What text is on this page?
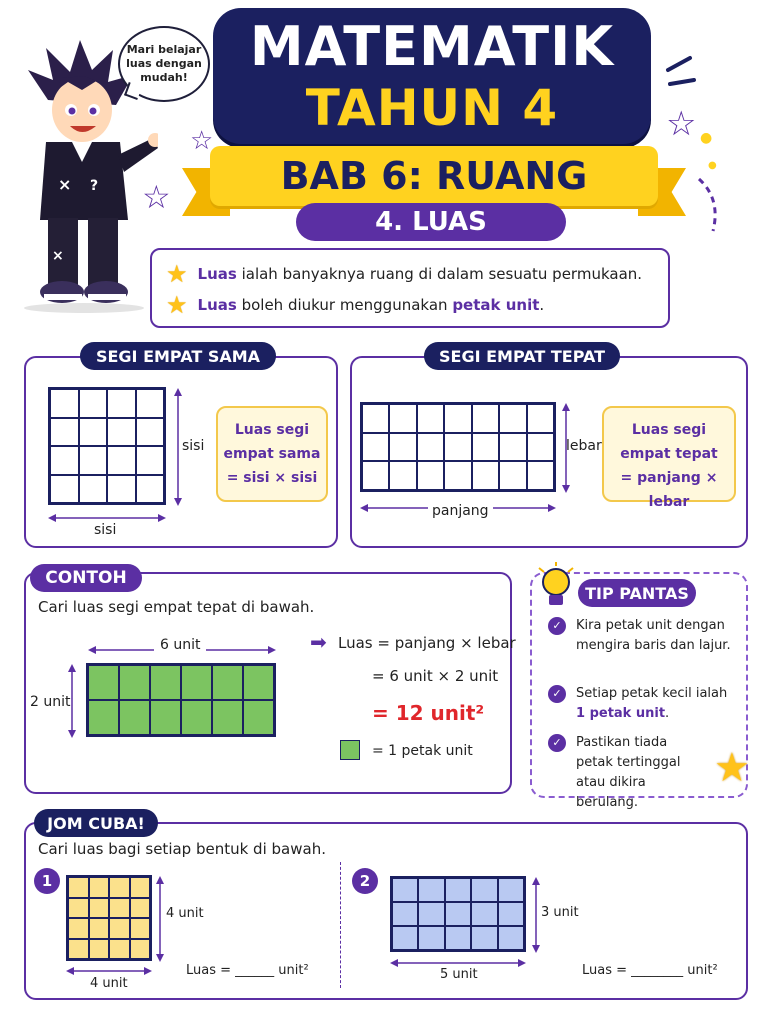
× ?
×
Mari belajar luas dengan mudah!	MATEMATIK
TAHUN 4
BAB 6: RUANG
4. LUAS
☆
☆
☆ ●
●
★ Luas ialah banyaknya ruang di dalam sesuatu permukaan.
★ Luas boleh diukur menggunakan petak unit .
SEGI EMPAT SAMA
sisi
sisi
Luas segi
empat sama
= sisi × sisi
SEGI EMPAT TEPAT
lebar
panjang
Luas segi
empat tepat
= panjang × lebar
CONTOH
Cari luas segi empat tepat di bawah.
6 unit
2 unit
➡ Luas = panjang × lebar
= 6 unit × 2 unit
= 12 unit²
= 1 petak unit
TIP PANTAS
✓	Kira petak unit dengan mengira baris dan lajur.
✓	Setiap petak kecil ialah 1 petak unit.
✓	Pastikan tiada petak tertinggal atau dikira berulang.
★
JOM CUBA!
Cari luas bagi setiap bentuk di bawah.
1
4 unit
4 unit
Luas = ______ unit²
2
3 unit
5 unit	Luas = ________ unit²
